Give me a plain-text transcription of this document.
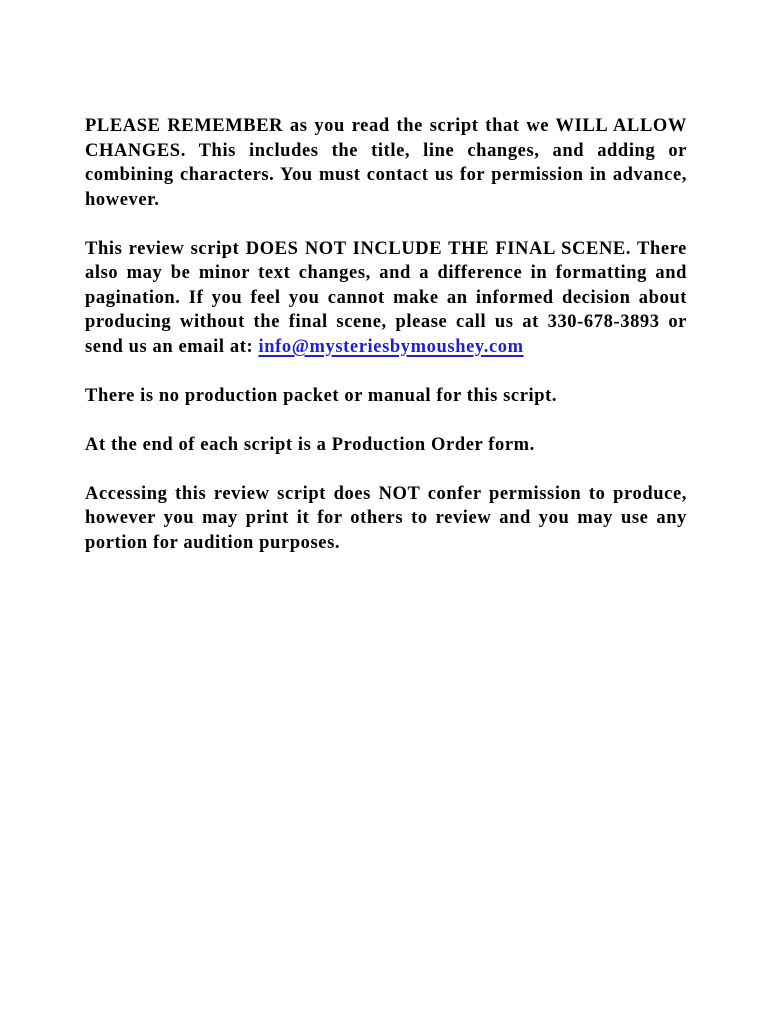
PLEASE REMEMBER as you read the script that we WILL ALLOW CHANGES. This includes the title, line changes, and adding or combining characters. You must contact us for permission in advance, however.

This review script DOES NOT INCLUDE THE FINAL SCENE. There also may be minor text changes, and a difference in formatting and pagination. If you feel you cannot make an informed decision about producing without the final scene, please call us at 330-678-3893 or send us an email at: info@mysteriesbymoushey.com

There is no production packet or manual for this script.

At the end of each script is a Production Order form.

Accessing this review script does NOT confer permission to produce, however you may print it for others to review and you may use any portion for audition purposes.
